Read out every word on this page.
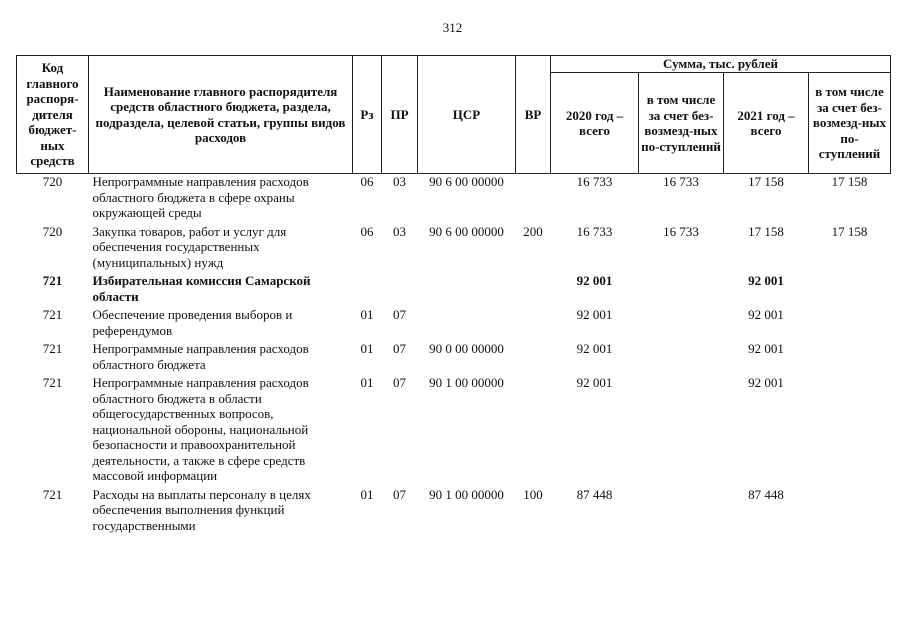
312
Код главного распоря-дителя бюджет-ных средств	Наименование главного распорядителя средств областного бюджета, раздела, подраздела, целевой статьи, группы видов расходов	Рз	ПР	ЦСР	ВР	Сумма, тыс. рублей			
						2020 год – всего	в том числе за счет без-возмезд-ных по-ступлений	2021 год – всего	в том числе за счет без-возмезд-ных по-ступлений
720	Непрограммные направления расходов областного бюджета в сфере охраны окружающей среды	06	03	90 6 00 00000		16 733	16 733	17 158	17 158
720	Закупка товаров, работ и услуг для обеспечения государственных (муниципальных) нужд	06	03	90 6 00 00000	200	16 733	16 733	17 158	17 158
721	Избирательная комиссия Самарской области					92 001		92 001	
721	Обеспечение проведения выборов и референдумов	01	07			92 001		92 001	
721	Непрограммные направления расходов областного бюджета	01	07	90 0 00 00000		92 001		92 001	
721	Непрограммные направления расходов областного бюджета в области общегосударственных вопросов, национальной обороны, национальной безопасности и правоохранительной деятельности, а также в сфере средств массовой информации	01	07	90 1 00 00000		92 001		92 001	
721	Расходы на выплаты персоналу в целях обеспечения выполнения функций государственными	01	07	90 1 00 00000	100	87 448		87 448	
